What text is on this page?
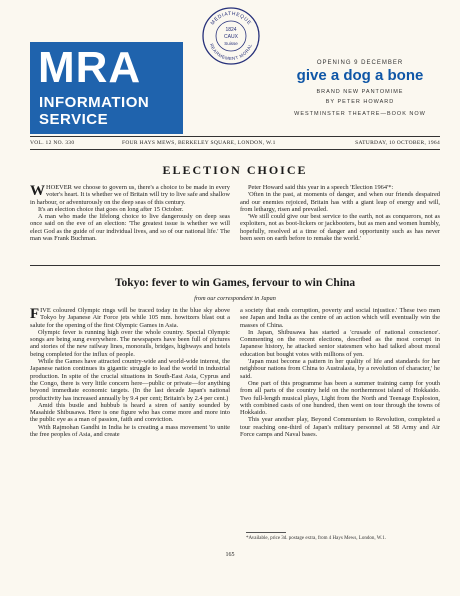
MRA
INFORMATION
SERVICE
MEDIATHEQUE
REARMEMENT MORAL
1824
CAUX
Suisse
OPENING 9 DECEMBER
give a dog a bone
BRAND NEW PANTOMIME
BY PETER HOWARD
WESTMINSTER THEATRE—BOOK NOW
VOL. 12 NO. 330	FOUR HAYS MEWS, BERKELEY SQUARE, LONDON, W.1	SATURDAY, 10 OCTOBER, 1964
ELECTION CHOICE

WHOEVER we choose to govern us, there's a choice to be made in every voter's heart. It is whether we of Britain will try to live safe and shallow in harbour, or adventurously on the deep seas of this century.

It's an election choice that goes on long after 15 October.

A man who made the lifelong choice to live dangerously on deep seas once said on the eve of an election: 'The greatest issue is whether we will elect God as the guide of our individual lives, and so of our national life.' The man was Frank Buchman.

Peter Howard said this year in a speech 'Election 1964'*:

'Often in the past, at moments of danger, and when our friends despaired and our enemies rejoiced, Britain has with a giant leap of energy and will, from lethargy, risen and prevailed.

'We still could give our best service to the earth, not as conquerors, not as exploiters, not as boot-lickers or jackbooters, but as men and women humbly, hopefully, resolved at a time of danger and opportunity such as has never been seen on earth before to remake the world.'

Tokyo: fever to win Games, fervour to win China
from our correspondent in Japan

FIVE coloured Olympic rings will be traced today in the blue sky above Tokyo by Japanese Air Force jets while 105 mm. howitzers blast out a salute for the opening of the first Olympic Games in Asia.

Olympic fever is running high over the whole country. Special Olympic songs are being sung everywhere. The newspapers have been full of pictures and stories of the new railway lines, monorails, bridges, highways and hotels being completed for the influx of people.

While the Games have attracted country-wide and world-wide interest, the Japanese nation continues its gigantic struggle to lead the world in industrial production. In spite of the crucial situations in South-East Asia, Cyprus and the Congo, there is very little concern here—public or private—for anything beyond immediate economic targets. (In the last decade Japan's national productivity has increased annually by 9.4 per cent; Britain's by 2.4 per cent.)

Amid this bustle and hubbub is heard a siren of sanity sounded by Masahide Shibusawa. Here is one figure who has come more and more into the public eye as a man of passion, faith and conviction.

With Rajmohan Gandhi in India he is creating a mass movement 'to unite the free peoples of Asia, and create

a society that ends corruption, poverty and social injustice.' These two men see Japan and India as the centre of an action which will eventually win the masses of China.

In Japan, Shibusawa has started a 'crusade of national conscience'. Commenting on the recent elections, described as the most corrupt in Japanese history, he attacked senior statesmen who had talked about moral education but bought votes with millions of yen.

'Japan must become a pattern in her quality of life and standards for her neighbour nations from China to Australasia, by a revolution of character,' he said.

One part of this programme has been a summer training camp for youth from all parts of the country held on the northernmost island of Hokkaido. Two full-length musical plays, Light from the North and Teenage Explosion, with combined casts of one hundred, then went on tour through the towns of Hokkaido.

This year another play, Beyond Communism to Revolution, completed a tour reaching one-third of Japan's military personnel at 58 Army and Air Force camps and Naval bases.

*Available, price 3d. postage extra, from 4 Hays Mews, London, W.1.
165
